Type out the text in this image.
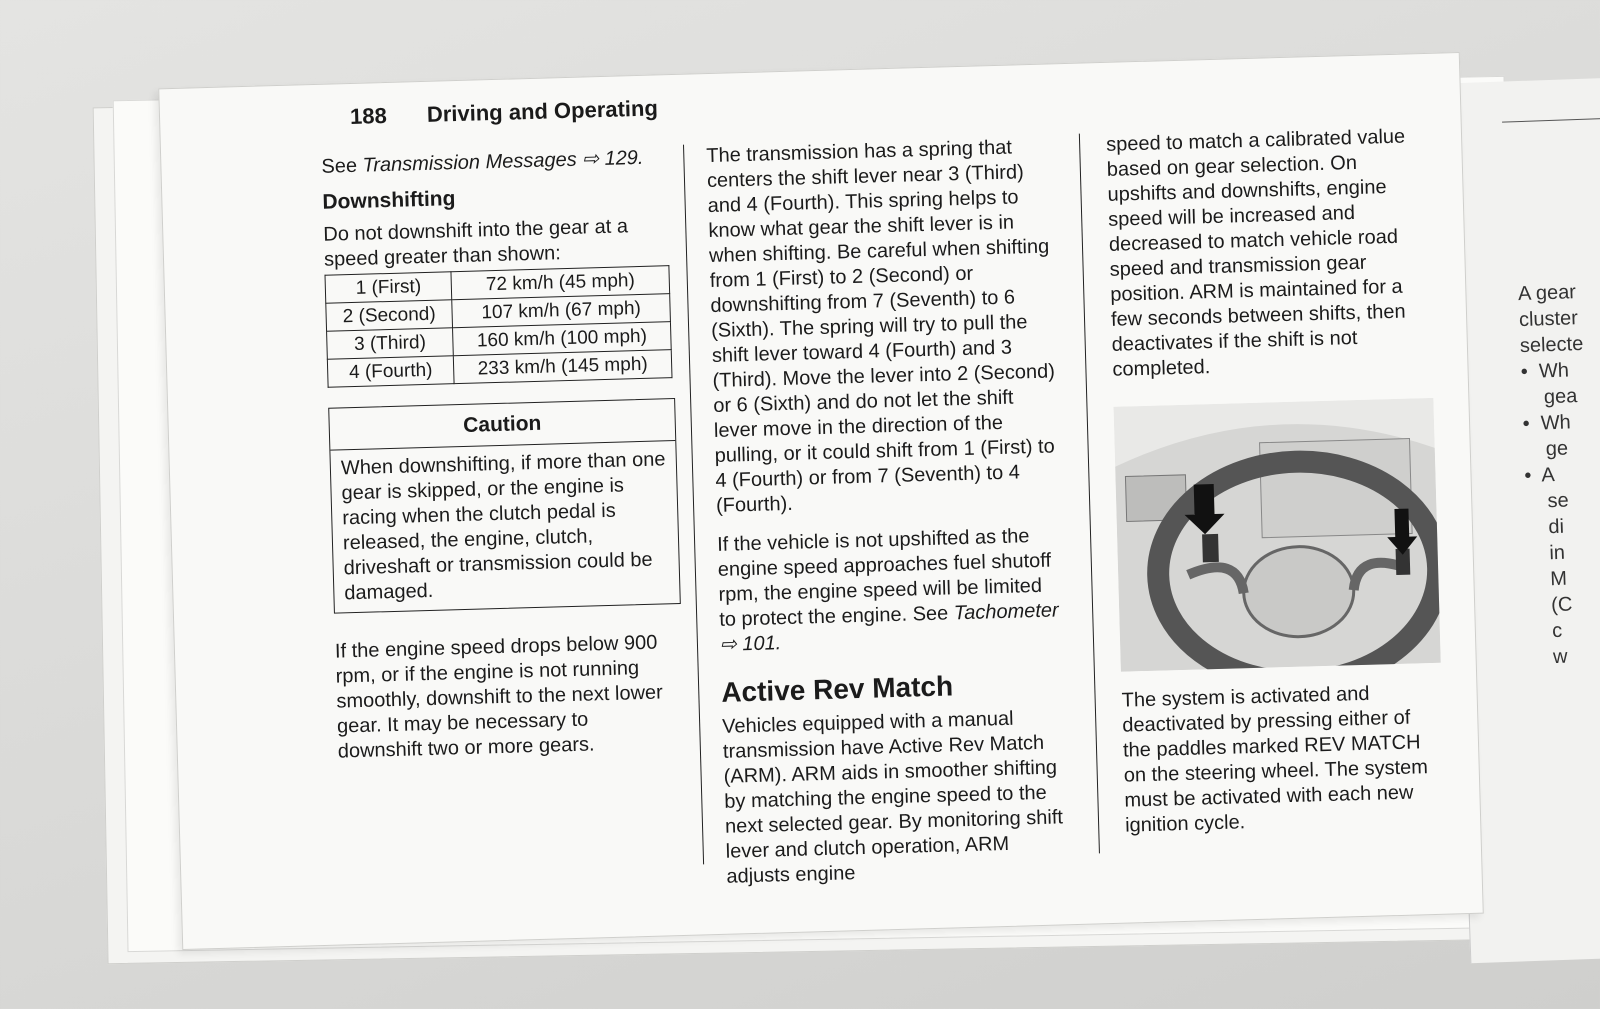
A gear
cluster
selecte
•  Wh
gea
•  Wh
ge
•  A
se
di
in
M
(C
c
w
188 Driving and Operating
See Transmission Messages ⇨ 129.
Downshifting
Do not downshift into the gear at a speed greater than shown:
1 (First)	72 km/h (45 mph)
2 (Second)	107 km/h (67 mph)
3 (Third)	160 km/h (100 mph)
4 (Fourth)	233 km/h (145 mph)
Caution
When downshifting, if more than one gear is skipped, or the engine is racing when the clutch pedal is released, the engine, clutch, driveshaft or transmission could be damaged.
If the engine speed drops below 900 rpm, or if the engine is not running smoothly, downshift to the next lower gear. It may be necessary to downshift two or more gears.
The transmission has a spring that centers the shift lever near 3 (Third) and 4 (Fourth). This spring helps to know what gear the shift lever is in when shifting. Be careful when shifting from 1 (First) to 2 (Second) or downshifting from 7 (Seventh) to 6 (Sixth). The spring will try to pull the shift lever toward 4 (Fourth) and 3 (Third). Move the lever into 2 (Second) or 6 (Sixth) and do not let the shift lever move in the direction of the pulling, or it could shift from 1 (First) to 4 (Fourth) or from 7 (Seventh) to 4 (Fourth).
If the vehicle is not upshifted as the engine speed approaches fuel shutoff rpm, the engine speed will be limited to protect the engine. See Tachometer ⇨ 101.
Active Rev Match
Vehicles equipped with a manual transmission have Active Rev Match (ARM). ARM aids in smoother shifting by matching the engine speed to the next selected gear. By monitoring shift lever and clutch operation, ARM adjusts engine
speed to match a calibrated value based on gear selection. On upshifts and downshifts, engine speed will be increased and decreased to match vehicle road speed and transmission gear position. ARM is maintained for a few seconds between shifts, then deactivates if the shift is not completed.
The system is activated and deactivated by pressing either of the paddles marked REV MATCH on the steering wheel. The system must be activated with each new ignition cycle.
